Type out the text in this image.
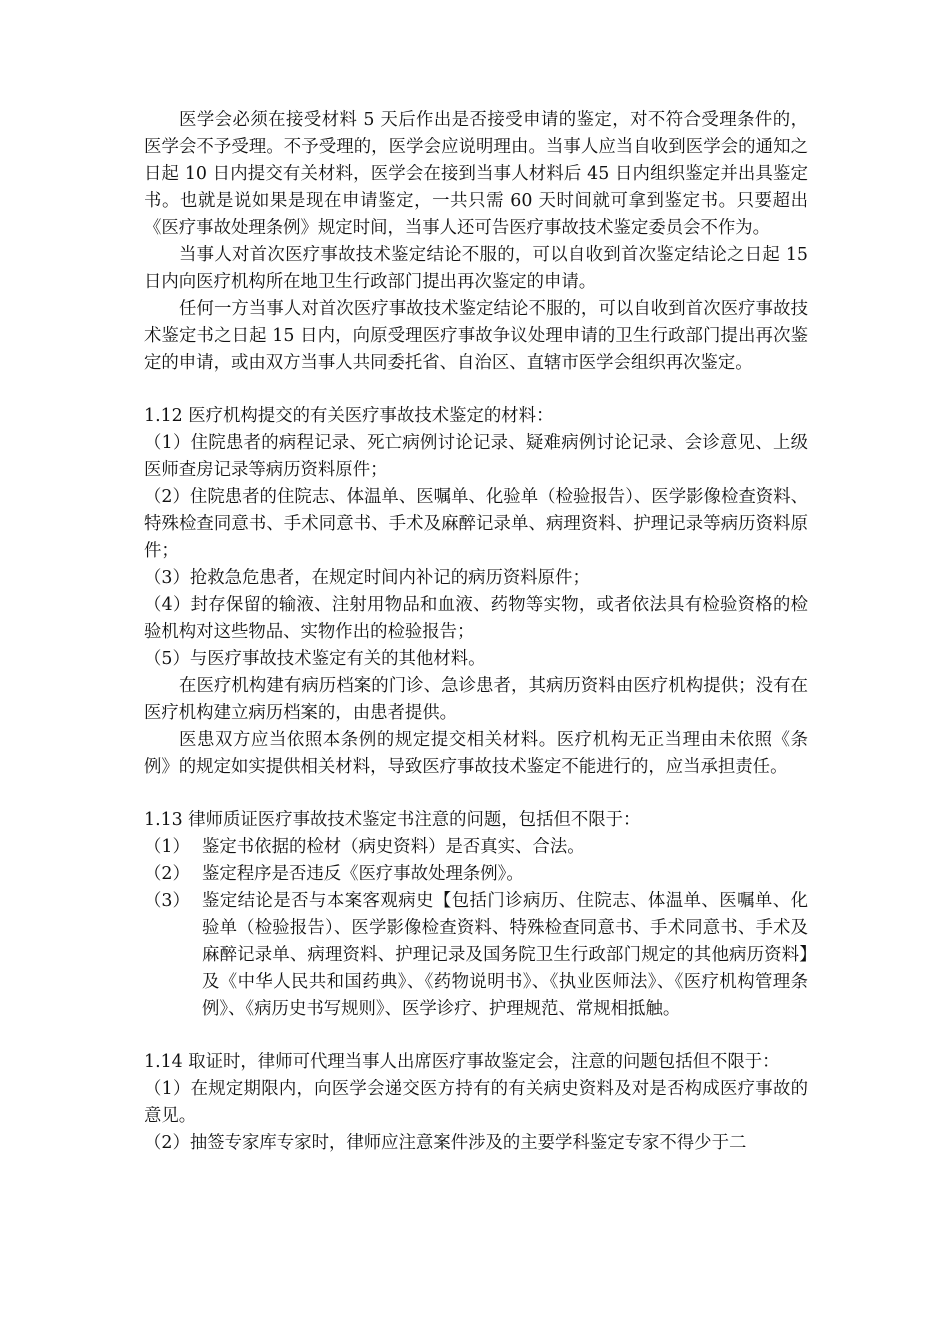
医学会必须在接受材料 5 天后作出是否接受申请的鉴定，对不符合受理条件的，医学会不予受理。不予受理的，医学会应说明理由。当事人应当自收到医学会的通知之日起 10 日内提交有关材料，医学会在接到当事人材料后 45 日内组织鉴定并出具鉴定书。也就是说如果是现在申请鉴定，一共只需 60 天时间就可拿到鉴定书。只要超出《医疗事故处理条例》规定时间，当事人还可告医疗事故技术鉴定委员会不作为。

当事人对首次医疗事故技术鉴定结论不服的，可以自收到首次鉴定结论之日起 15 日内向医疗机构所在地卫生行政部门提出再次鉴定的申请。

任何一方当事人对首次医疗事故技术鉴定结论不服的，可以自收到首次医疗事故技术鉴定书之日起 15 日内，向原受理医疗事故争议处理申请的卫生行政部门提出再次鉴定的申请，或由双方当事人共同委托省、自治区、直辖市医学会组织再次鉴定。

1.12 医疗机构提交的有关医疗事故技术鉴定的材料：

（1）住院患者的病程记录、死亡病例讨论记录、疑难病例讨论记录、会诊意见、上级医师查房记录等病历资料原件；

（2）住院患者的住院志、体温单、医嘱单、化验单（检验报告）、医学影像检查资料、特殊检查同意书、手术同意书、手术及麻醉记录单、病理资料、护理记录等病历资料原件；

（3）抢救急危患者，在规定时间内补记的病历资料原件；

（4）封存保留的输液、注射用物品和血液、药物等实物，或者依法具有检验资格的检验机构对这些物品、实物作出的检验报告；

（5）与医疗事故技术鉴定有关的其他材料。

在医疗机构建有病历档案的门诊、急诊患者，其病历资料由医疗机构提供；没有在医疗机构建立病历档案的，由患者提供。

医患双方应当依照本条例的规定提交相关材料。医疗机构无正当理由未依照《条例》的规定如实提供相关材料，导致医疗事故技术鉴定不能进行的，应当承担责任。

1.13 律师质证医疗事故技术鉴定书注意的问题，包括但不限于：

（1） 鉴定书依据的检材（病史资料）是否真实、合法。
（2） 鉴定程序是否违反《医疗事故处理条例》。
（3） 鉴定结论是否与本案客观病史【包括门诊病历、住院志、体温单、医嘱单、化验单（检验报告）、医学影像检查资料、特殊检查同意书、手术同意书、手术及麻醉记录单、病理资料、护理记录及国务院卫生行政部门规定的其他病历资料】及《中华人民共和国药典》、《药物说明书》、《执业医师法》、《医疗机构管理条例》、《病历史书写规则》、医学诊疗、护理规范、常规相抵触。

1.14 取证时，律师可代理当事人出席医疗事故鉴定会，注意的问题包括但不限于：

（1）在规定期限内，向医学会递交医方持有的有关病史资料及对是否构成医疗事故的意见。

（2）抽签专家库专家时，律师应注意案件涉及的主要学科鉴定专家不得少于二
